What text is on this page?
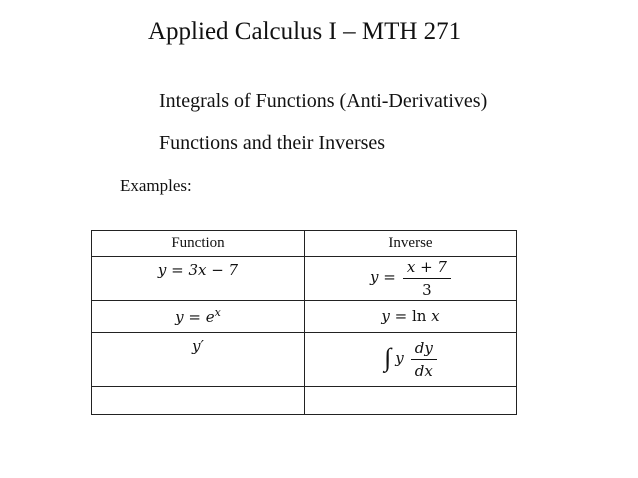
Applied Calculus I – MTH 271
Integrals of Functions (Anti-Derivatives)
Functions and their Inverses
Examples:
Function	Inverse

y = 3x − 7	$y = \frac{x + 7}{3}$

$y = e^x$	y = ln x

y′	∫ y $\frac{dy}{dx}$
